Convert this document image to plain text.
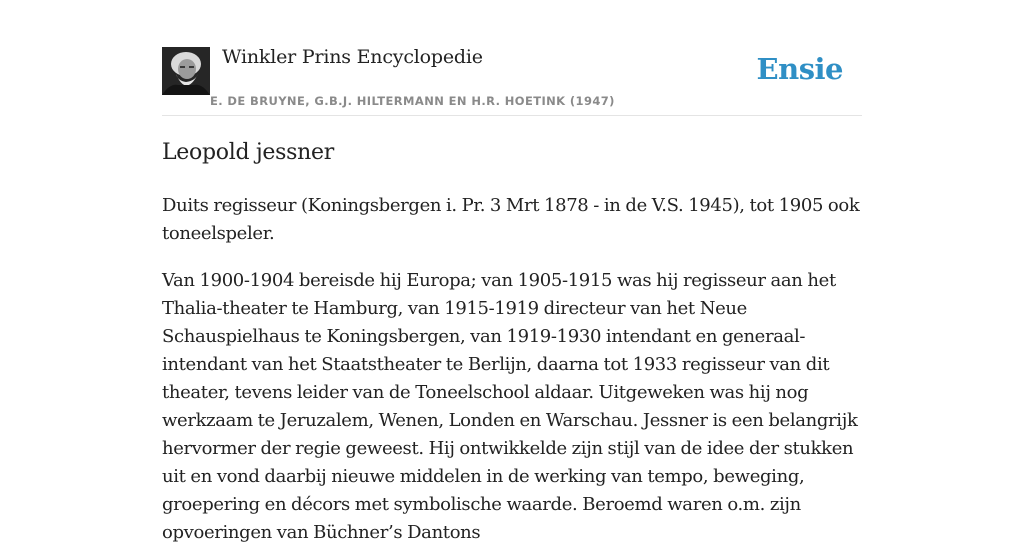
Winkler Prins Encyclopedie
E. DE BRUYNE, G.B.J. HILTERMANN EN H.R. HOETINK (1947)
Ensie
Leopold jessner

Duits regisseur (Koningsbergen i. Pr. 3 Mrt 1878 - in de V.S. 1945), tot 1905 ook toneelspeler.

Van 1900-1904 bereisde hij Europa; van 1905-1915 was hij regisseur aan het Thalia-theater te Hamburg, van 1915-1919 directeur van het Neue Schauspielhaus te Koningsbergen, van 1919-1930 intendant en generaal-intendant van het Staatstheater te Berlijn, daarna tot 1933 regisseur van dit theater, tevens leider van de Toneelschool aldaar. Uitgeweken was hij nog werkzaam te Jeruzalem, Wenen, Londen en Warschau. Jessner is een belangrijk hervormer der regie geweest. Hij ontwikkelde zijn stijl van de idee der stukken uit en vond daarbij nieuwe middelen in de werking van tempo, beweging, groepering en décors met symbolische waarde. Beroemd waren o.m. zijn opvoeringen van Büchner’s Dantons
